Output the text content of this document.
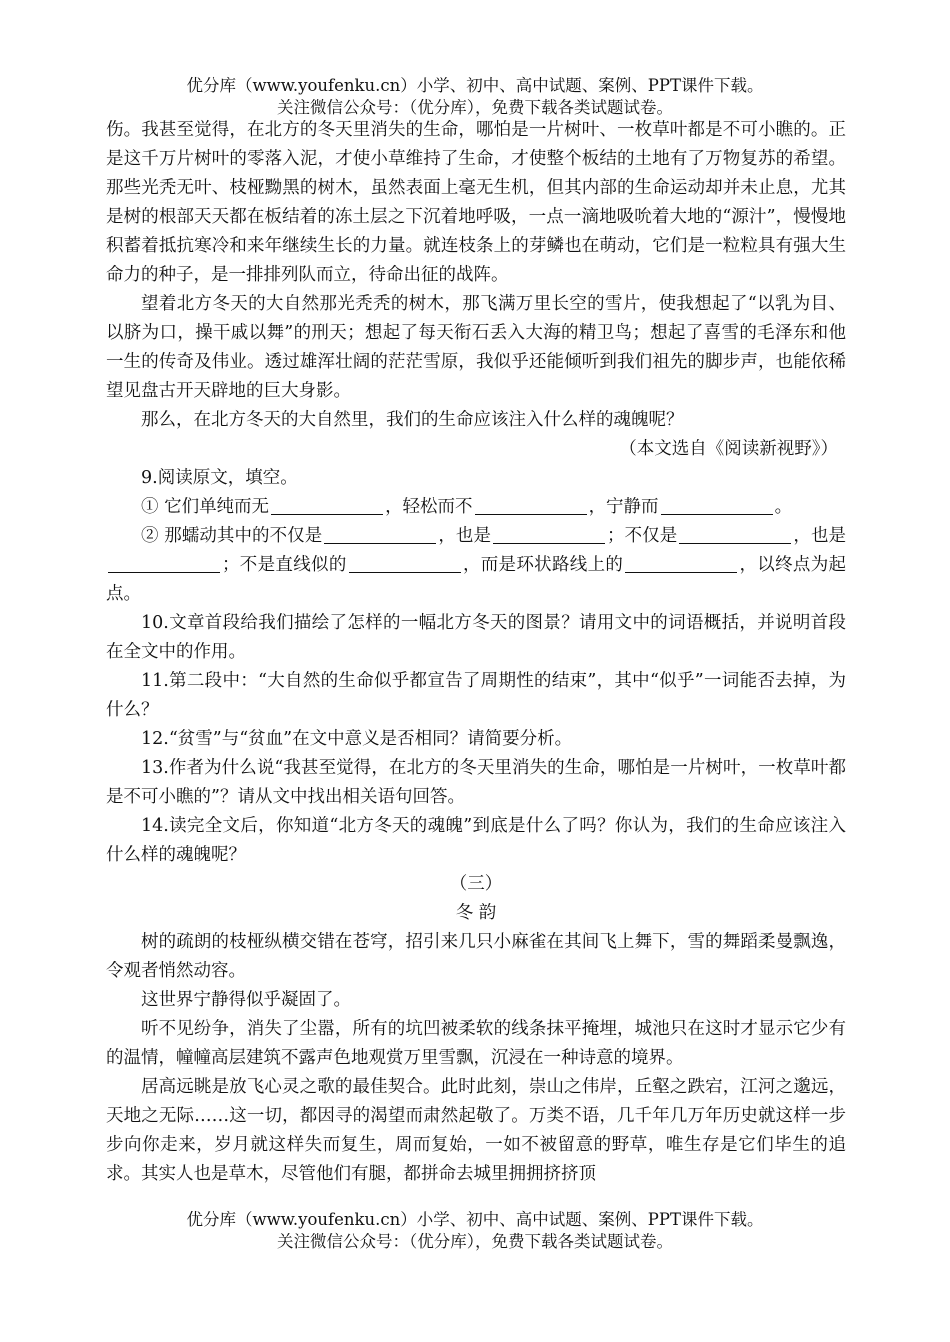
优分库（www.youfenku.cn）小学、初中、高中试题、案例、PPT课件下载。
关注微信公众号：（优分库），免费下载各类试题试卷。

伤。我甚至觉得，在北方的冬天里消失的生命，哪怕是一片树叶、一枚草叶都是不可小瞧的。正是这千万片树叶的零落入泥，才使小草维持了生命，才使整个板结的土地有了万物复苏的希望。那些光秃无叶、枝桠黝黑的树木，虽然表面上毫无生机，但其内部的生命运动却并未止息，尤其是树的根部天天都在板结着的冻土层之下沉着地呼吸，一点一滴地吸吮着大地的“源汁”，慢慢地积蓄着抵抗寒冷和来年继续生长的力量。就连枝条上的芽鳞也在萌动，它们是一粒粒具有强大生命力的种子，是一排排列队而立，待命出征的战阵。

望着北方冬天的大自然那光秃秃的树木，那飞满万里长空的雪片，使我想起了“以乳为目、以脐为口，操干戚以舞”的刑天；想起了每天衔石丢入大海的精卫鸟；想起了喜雪的毛泽东和他一生的传奇及伟业。透过雄浑壮阔的茫茫雪原，我似乎还能倾听到我们祖先的脚步声，也能依稀望见盘古开天辟地的巨大身影。

那么，在北方冬天的大自然里，我们的生命应该注入什么样的魂魄呢？

（本文选自《阅读新视野》）

9.阅读原文，填空。

① 它们单纯而无	，轻松而不	，宁静而	。

② 那蠕动其中的不仅是	，也是	；不仅是	，也是；不是直线似的	，而是环状路线上的	，以终点为起点。

10.文章首段给我们描绘了怎样的一幅北方冬天的图景？请用文中的词语概括，并说明首段在全文中的作用。

11.第二段中：“大自然的生命似乎都宣告了周期性的结束”，其中“似乎”一词能否去掉，为什么？

12.“贫雪”与“贫血”在文中意义是否相同？请简要分析。

13.作者为什么说“我甚至觉得，在北方的冬天里消失的生命，哪怕是一片树叶，一枚草叶都是不可小瞧的”？请从文中找出相关语句回答。

14.读完全文后，你知道“北方冬天的魂魄”到底是什么了吗？你认为，我们的生命应该注入什么样的魂魄呢？

（三）

冬 韵

树的疏朗的枝桠纵横交错在苍穹，招引来几只小麻雀在其间飞上舞下，雪的舞蹈柔曼飘逸，令观者悄然动容。

这世界宁静得似乎凝固了。

听不见纷争，消失了尘嚣，所有的坑凹被柔软的线条抹平掩埋，城池只在这时才显示它少有的温情，幢幢高层建筑不露声色地观赏万里雪飘，沉浸在一种诗意的境界。

居高远眺是放飞心灵之歌的最佳契合。此时此刻，崇山之伟岸，丘壑之跌宕，江河之邈远，天地之无际……这一切，都因寻的渴望而肃然起敬了。万类不语，几千年几万年历史就这样一步步向你走来，岁月就这样失而复生，周而复始，一如不被留意的野草，唯生存是它们毕生的追求。其实人也是草木，尽管他们有腿，都拼命去城里拥拥挤挤顶

优分库（www.youfenku.cn）小学、初中、高中试题、案例、PPT课件下载。
关注微信公众号：（优分库），免费下载各类试题试卷。
